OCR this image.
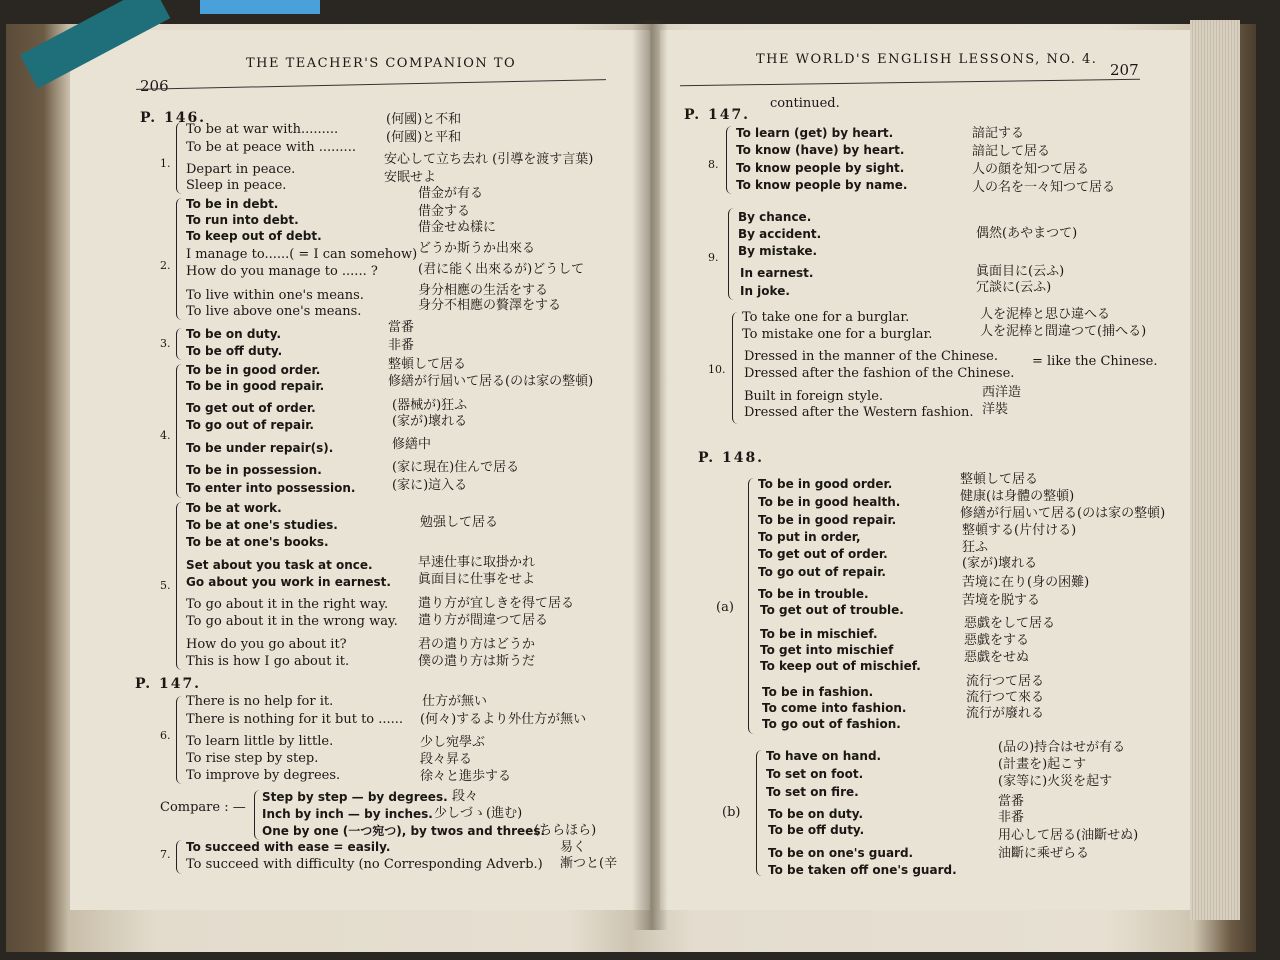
206
THE TEACHER'S COMPANION TO	THE WORLD'S ENGLISH LESSONS, NO. 4.
207
P. 146.
To be at war with.........
To be at peace with .........
1. Depart in peace.
Sleep in peace.
To be in debt.
To run into debt.
To keep out of debt.
I manage to......( = I can somehow)
2. How do you manage to ...... ?
To live within one's means.
To live above one's means.
To be on duty.
3.
To be off duty.
To be in good order.
To be in good repair.
To get out of order.
To go out of repair.
4.
To be under repair(s).
To be in possession.
To enter into possession.
To be at work.
To be at one's studies.
To be at one's books.
Set about you task at once.
5. Go about you work in earnest.
To go about it in the right way.
To go about it in the wrong way.
How do you go about it?
This is how I go about it.
P. 147.
There is no help for it.
There is nothing for it but to ......
6. To learn little by little.
To rise step by step.
To improve by degrees.
Compare : —
Step by step — by degrees.
Inch by inch — by inches.
One by one (一つ宛つ), by twos and threes.
7.
To succeed with ease = easily.
To succeed with difficulty (no Corresponding Adverb.)
(何國)と不和
(何國)と平和
安心して立ち去れ (引導を渡す言葉)
安眠せよ
借金が有る
借金する
借金せぬ樣に
どうか斯うか出來る
(君に能く出來るが)どうして
身分相應の生活をする
身分不相應の贅澤をする
當番
非番
整頓して居る
修繕が行屆いて居る(のは家の整頓)
(器械が)狂ふ
(家が)壞れる
修繕中
(家に現在)住んで居る
(家に)這入る
勉强して居る
早速仕事に取掛かれ
眞面目に仕事をせよ
遣り方が宜しきを得て居る
遣り方が間違つて居る
君の遣り方はどうか
僕の遣り方は斯うだ
仕方が無い
(何々)するより外仕方が無い
少し宛學ぶ
段々昇る
徐々と進歩する
段々
少しづゝ(進む)
(ちらほら)
易く
漸つと(辛
P. 147.
continued.
To learn (get) by heart.
To know (have) by heart.
8. To know people by sight.
To know people by name.
By chance.
By accident.
By mistake.
9.
In earnest.
In joke.
To take one for a burglar.
To mistake one for a burglar.
Dressed in the manner of the Chinese.
10. Dressed after the fashion of the Chinese.
= like the Chinese.
Built in foreign style.
Dressed after the Western fashion.
P. 148.
To be in good order.
To be in good health.
To be in good repair.
To put in order,
To get out of order.
To go out of repair.
To be in trouble.
(a) To get out of trouble.
To be in mischief.
To get into mischief
To keep out of mischief.
To be in fashion.
To come into fashion.
To go out of fashion.
To have on hand.
To set on foot.
To set on fire.
(b) To be on duty.
To be off duty.
To be on one's guard.
To be taken off one's guard.
諳記する
諳記して居る
人の顔を知つて居る
人の名を一々知つて居る
偶然(あやまつて)
眞面目に(云ふ)
冗談に(云ふ)
人を泥棒と思ひ違へる
人を泥棒と間違つて(捕へる)
西洋造
洋裝
整頓して居る
健康(は身體の整頓)
修繕が行屆いて居る(のは家の整頓)
整頓する(片付ける)
狂ふ
(家が)壞れる
苦境に在り(身の困難)
苦境を脱する
惡戯をして居る
惡戯をする
惡戯をせぬ
流行つて居る
流行つて來る
流行が廢れる
(品の)持合はせが有る
(計畫を)起こす
(家等に)火災を起す
當番
非番
用心して居る(油斷せぬ)
油斷に乘ぜらる
